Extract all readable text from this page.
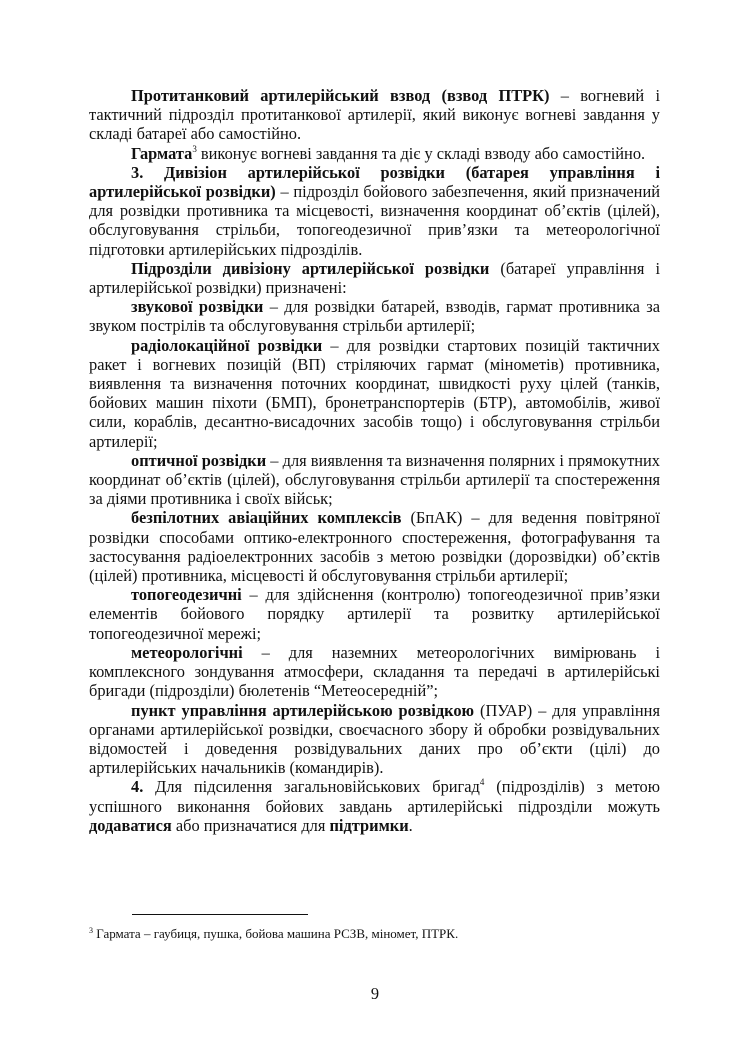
Протитанковий артилерійський взвод (взвод ПТРК) – вогневий і тактичний підрозділ протитанкової артилерії, який виконує вогневі завдання у складі батареї або самостійно.

Гармата$^3$ виконує вогневі завдання та діє у складі взводу або самостійно.

3. Дивізіон артилерійської розвідки (батарея управління і артилерійської розвідки) – підрозділ бойового забезпечення, який призначений для розвідки противника та місцевості, визначення координат об’єктів (цілей), обслуговування стрільби, топогеодезичної прив’язки та метеорологічної підготовки артилерійських підрозділів.

Підрозділи дивізіону артилерійської розвідки (батареї управління і артилерійської розвідки) призначені:

звукової розвідки – для розвідки батарей, взводів, гармат противника за звуком пострілів та обслуговування стрільби артилерії;

радіолокаційної розвідки – для розвідки стартових позицій тактичних ракет і вогневих позицій (ВП) стріляючих гармат (мінометів) противника, виявлення та визначення поточних координат, швидкості руху цілей (танків, бойових машин піхоти (БМП), бронетранспортерів (БТР), автомобілів, живої сили, кораблів, десантно-висадочних засобів тощо) і обслуговування стрільби артилерії;

оптичної розвідки – для виявлення та визначення полярних і прямокутних координат об’єктів (цілей), обслуговування стрільби артилерії та спостереження за діями противника і своїх військ;

безпілотних авіаційних комплексів (БпАК) – для ведення повітряної розвідки способами оптико-електронного спостереження, фотографування та застосування радіоелектронних засобів з метою розвідки (дорозвідки) об’єктів (цілей) противника, місцевості й обслуговування стрільби артилерії;

топогеодезичні – для здійснення (контролю) топогеодезичної прив’язки елементів бойового порядку артилерії та розвитку артилерійської топогеодезичної мережі;

метеорологічні – для наземних метеорологічних вимірювань і комплексного зондування атмосфери, складання та передачі в артилерійські бригади (підрозділи) бюлетенів “Метеосередній”;

пункт управління артилерійською розвідкою (ПУАР) – для управління органами артилерійської розвідки, своєчасного збору й обробки розвідувальних відомостей і доведення розвідувальних даних про об’єкти (цілі) до артилерійських начальників (командирів).

4. Для підсилення загальновійськових бригад$^4$ (підрозділів) з метою успішного виконання бойових завдань артилерійські підрозділи можуть додаватися або призначатися для підтримки.

$^3$ Гармата – гаубиця, пушка, бойова машина РСЗВ, міномет, ПТРК.
9
